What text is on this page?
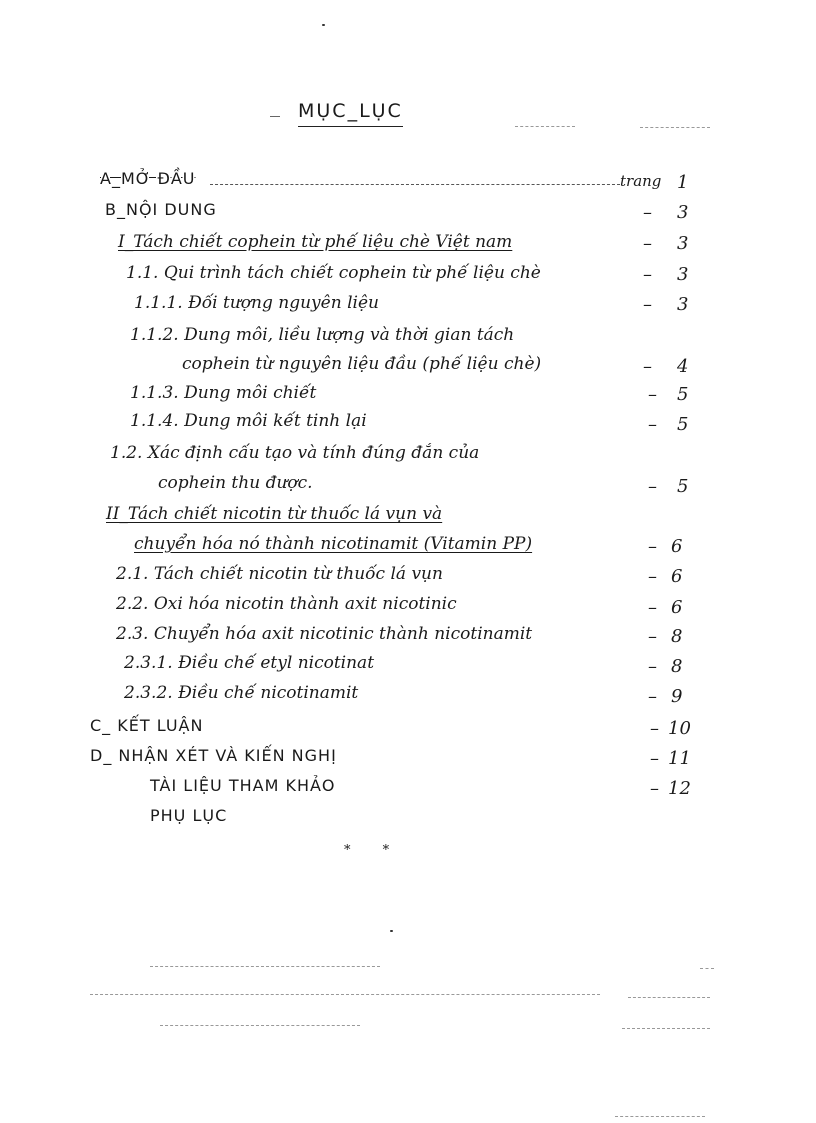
MỤC_LỤC
trang
A_MỞ ĐẦU	1
B_NỘI DUNG	– 3
I_Tách chiết cophein từ phế liệu chè Việt nam	– 3
1.1. Qui trình tách chiết cophein từ phế liệu chè	– 3
1.1.1. Đối tượng nguyên liệu	– 3
1.1.2. Dung môi, liều lượng và thời gian tách
cophein từ nguyên liệu đầu (phế liệu chè)	– 4
1.1.3. Dung môi chiết	– 5
1.1.4. Dung môi kết tinh lại	– 5
1.2. Xác định cấu tạo và tính đúng đắn của
cophein thu được.	– 5
II_Tách chiết nicotin từ thuốc lá vụn và
chuyển hóa nó thành nicotinamit (Vitamin PP)	– 6
2.1. Tách chiết nicotin từ thuốc lá vụn	– 6
2.2. Oxi hóa nicotin thành axit nicotinic	– 6
2.3. Chuyển hóa axit nicotinic thành nicotinamit	– 8
2.3.1. Điều chế etyl nicotinat	– 8
2.3.2. Điều chế nicotinamit	– 9
C_ KẾT LUẬN	– 10
D_ NHẬN XÉT VÀ KIẾN NGHỊ	– 11
TÀI LIỆU THAM KHẢO	– 12
PHỤ LỤC
* *
